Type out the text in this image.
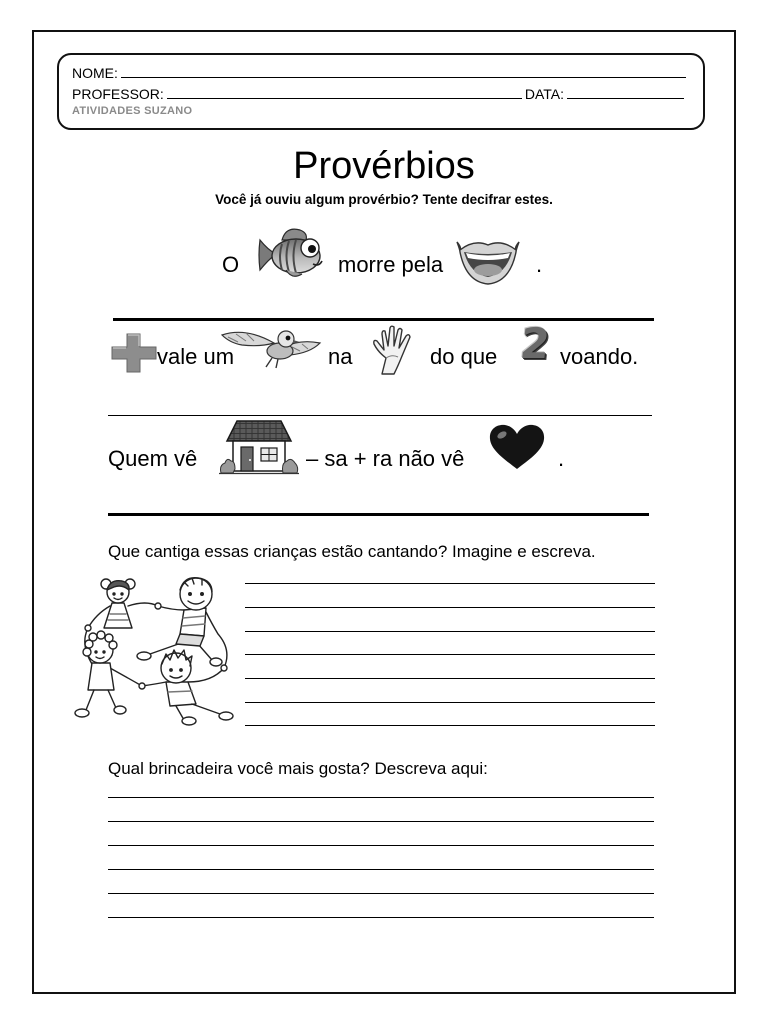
NOME:
PROFESSOR:	DATA:
ATIVIDADES SUZANO
Provérbios
Você já ouviu algum provérbio? Tente decifrar estes.
O	morre pela	.
vale um	na	do que 2 voando.
Quem vê	– sa + ra não vê	.
Que cantiga essas crianças estão cantando? Imagine e escreva.
Qual brincadeira você mais gosta? Descreva aqui:
